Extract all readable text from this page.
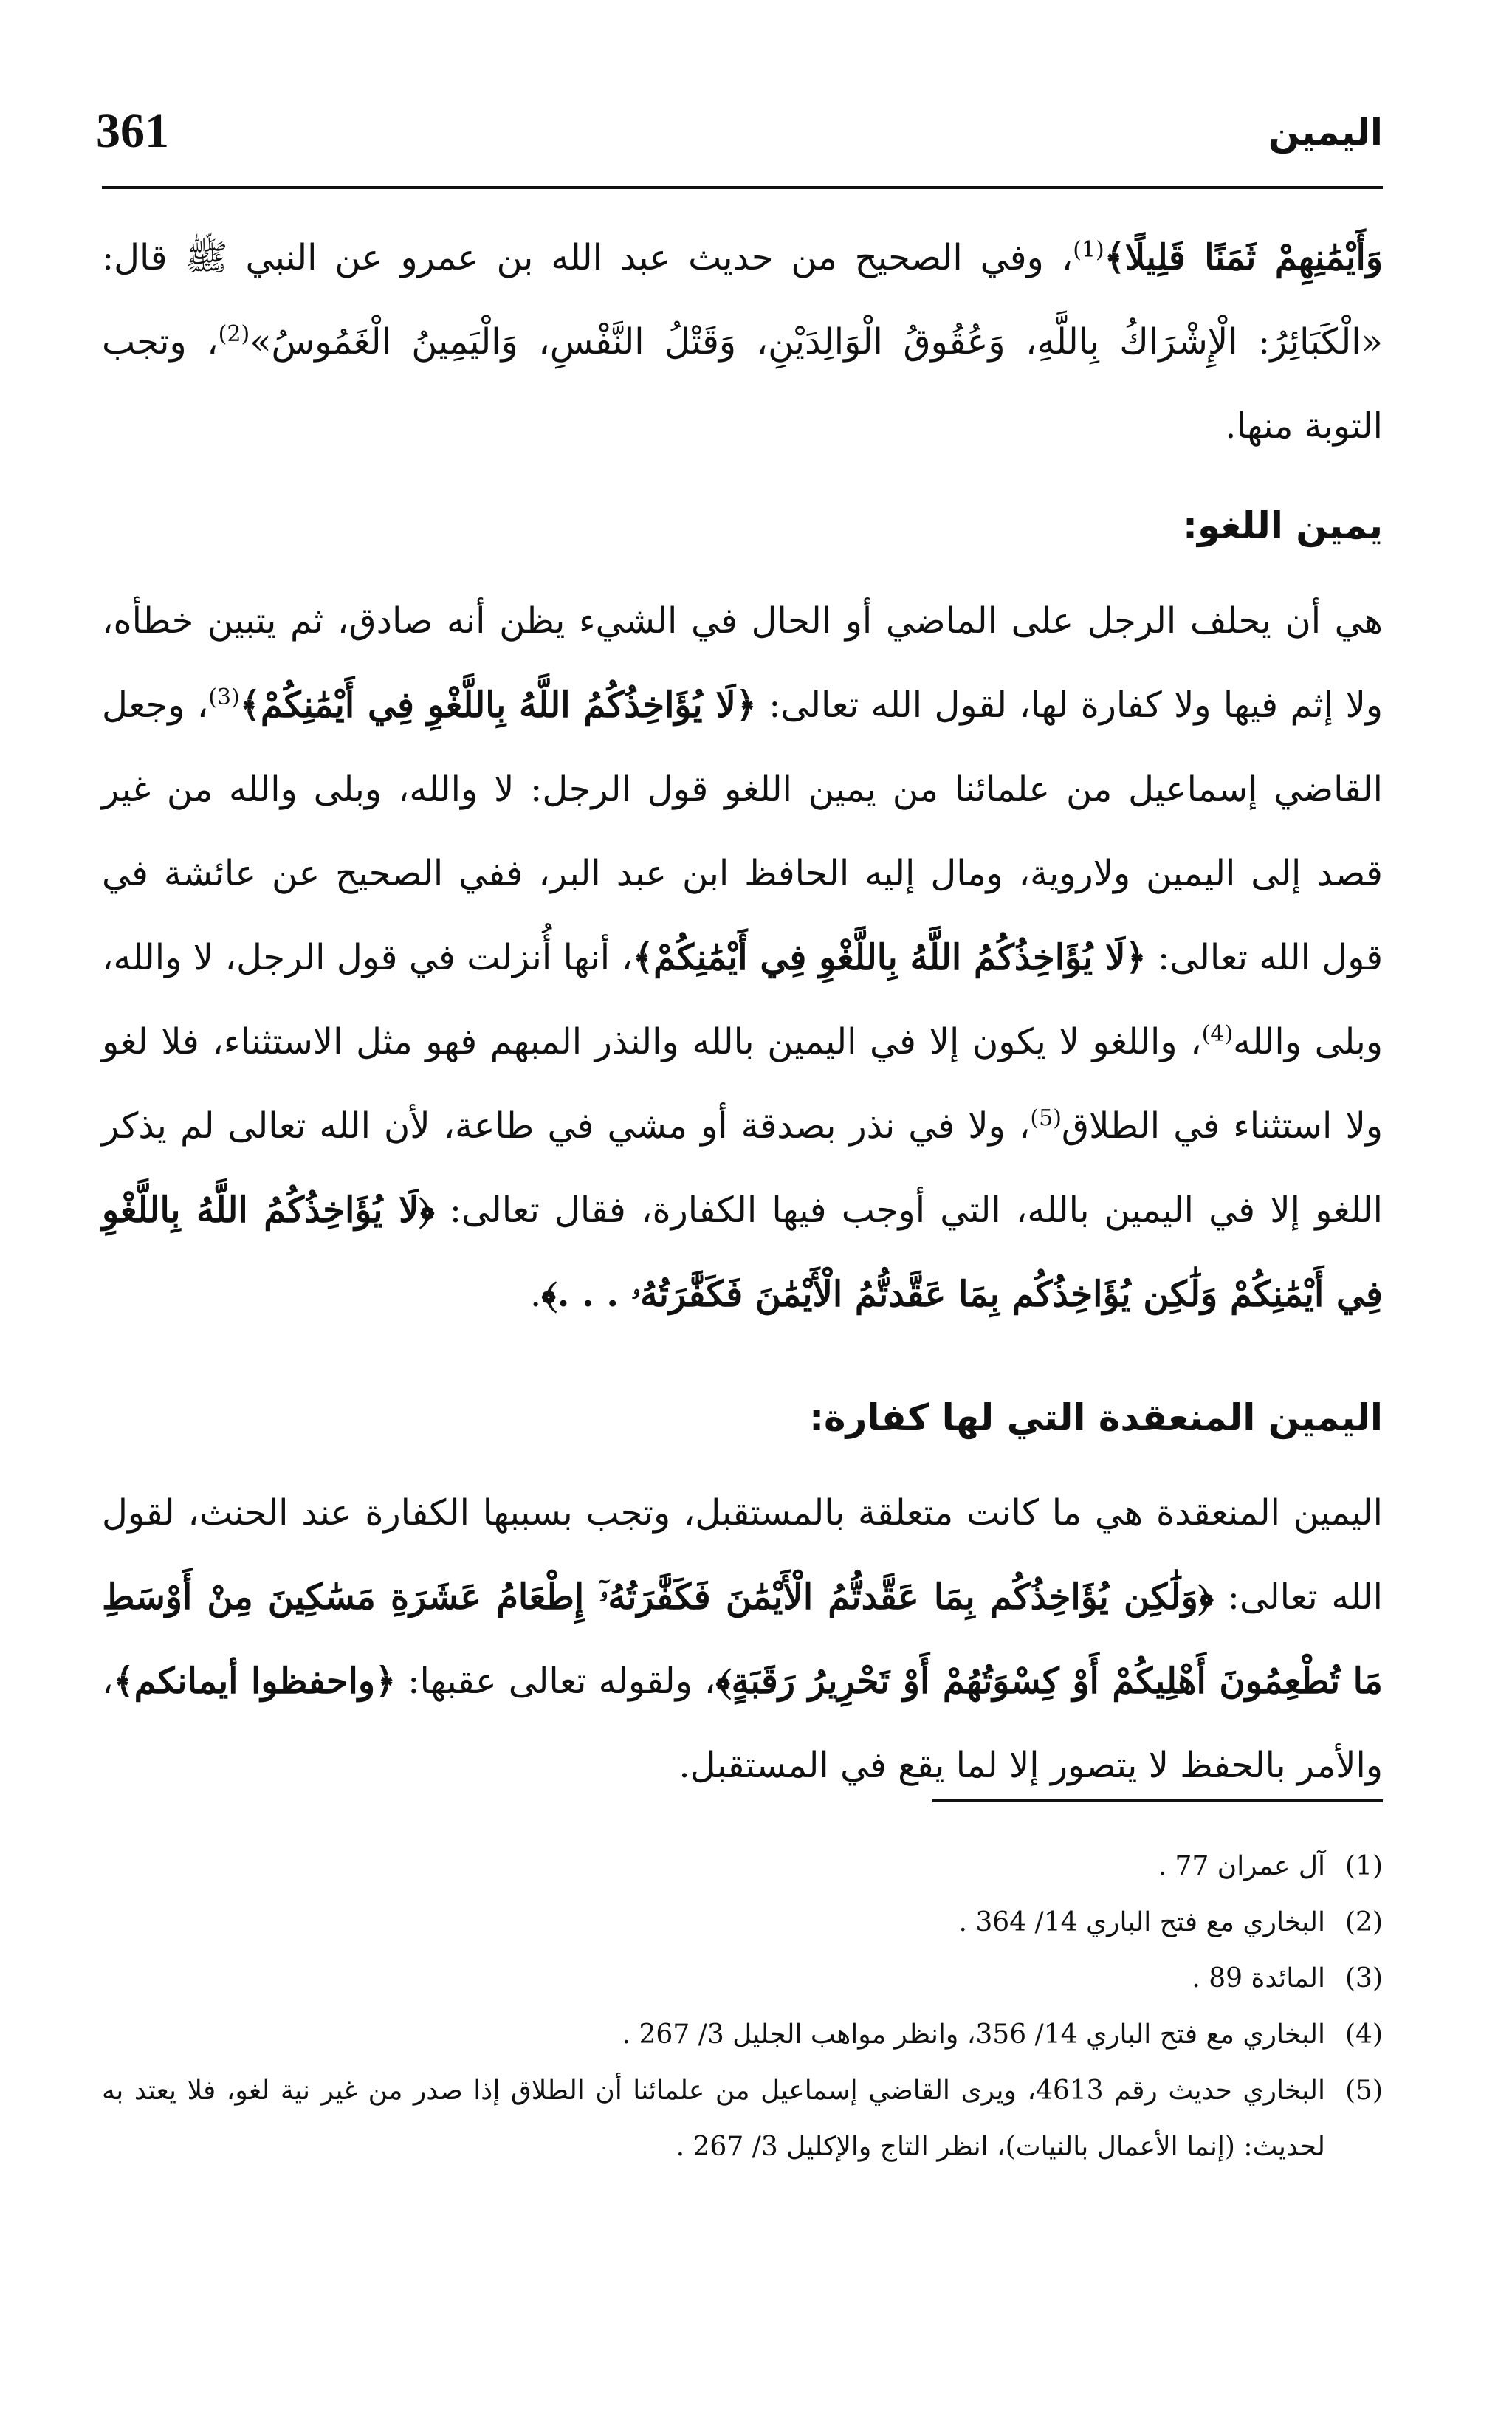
361	اليمين

وَأَيْمَٰنِهِمْ ثَمَنًا قَلِيلًا﴾$^{(1)}$، وفي الصحيح من حديث عبد الله بن عمرو عن النبي ﷺ قال: «الْكَبَائِرُ: الْإِشْرَاكُ بِاللَّهِ، وَعُقُوقُ الْوَالِدَيْنِ، وَقَتْلُ النَّفْسِ، وَالْيَمِينُ الْغَمُوسُ»$^{(2)}$، وتجب التوبة منها.

يمين اللغو:

هي أن يحلف الرجل على الماضي أو الحال في الشيء يظن أنه صادق، ثم يتبين خطأه، ولا إثم فيها ولا كفارة لها، لقول الله تعالى: ﴿لَا يُؤَاخِذُكُمُ اللَّهُ بِاللَّغْوِ فِي أَيْمَٰنِكُمْ﴾$^{(3)}$، وجعل القاضي إسماعيل من علمائنا من يمين اللغو قول الرجل: لا والله، وبلى والله من غير قصد إلى اليمين ولاروية، ومال إليه الحافظ ابن عبد البر، ففي الصحيح عن عائشة في قول الله تعالى: ﴿لَا يُؤَاخِذُكُمُ اللَّهُ بِاللَّغْوِ فِي أَيْمَٰنِكُمْ﴾، أنها أُنزلت في قول الرجل، لا والله، وبلى والله$^{(4)}$، واللغو لا يكون إلا في اليمين بالله والنذر المبهم فهو مثل الاستثناء، فلا لغو ولا استثناء في الطلاق$^{(5)}$، ولا في نذر بصدقة أو مشي في طاعة، لأن الله تعالى لم يذكر اللغو إلا في اليمين بالله، التي أوجب فيها الكفارة، فقال تعالى: ﴿لَا يُؤَاخِذُكُمُ اللَّهُ بِاللَّغْوِ فِي أَيْمَٰنِكُمْ وَلَٰكِن يُؤَاخِذُكُم بِمَا عَقَّدتُّمُ الْأَيْمَٰنَ فَكَفَّٰرَتُهُۥ . . .﴾.

اليمين المنعقدة التي لها كفارة:

اليمين المنعقدة هي ما كانت متعلقة بالمستقبل، وتجب بسببها الكفارة عند الحنث، لقول الله تعالى: ﴿وَلَٰكِن يُؤَاخِذُكُم بِمَا عَقَّدتُّمُ الْأَيْمَٰنَ فَكَفَّٰرَتُهُۥٓ إِطْعَامُ عَشَرَةِ مَسَٰكِينَ مِنْ أَوْسَطِ مَا تُطْعِمُونَ أَهْلِيكُمْ أَوْ كِسْوَتُهُمْ أَوْ تَحْرِيرُ رَقَبَةٍ﴾، ولقوله تعالى عقبها: ﴿واحفظوا أيمانكم﴾، والأمر بالحفظ لا يتصور إلا لما يقع في المستقبل.

(1)
آل عمران 77 .
(2)
البخاري مع فتح الباري 14/ 364 .
(3)
المائدة 89 .
(4)
البخاري مع فتح الباري 14/ 356، وانظر مواهب الجليل 3/ 267 .
(5)
البخاري حديث رقم 4613، ويرى القاضي إسماعيل من علمائنا أن الطلاق إذا صدر من غير نية لغو، فلا يعتد به لحديث: (إنما الأعمال بالنيات)، انظر التاج والإكليل 3/ 267 .
